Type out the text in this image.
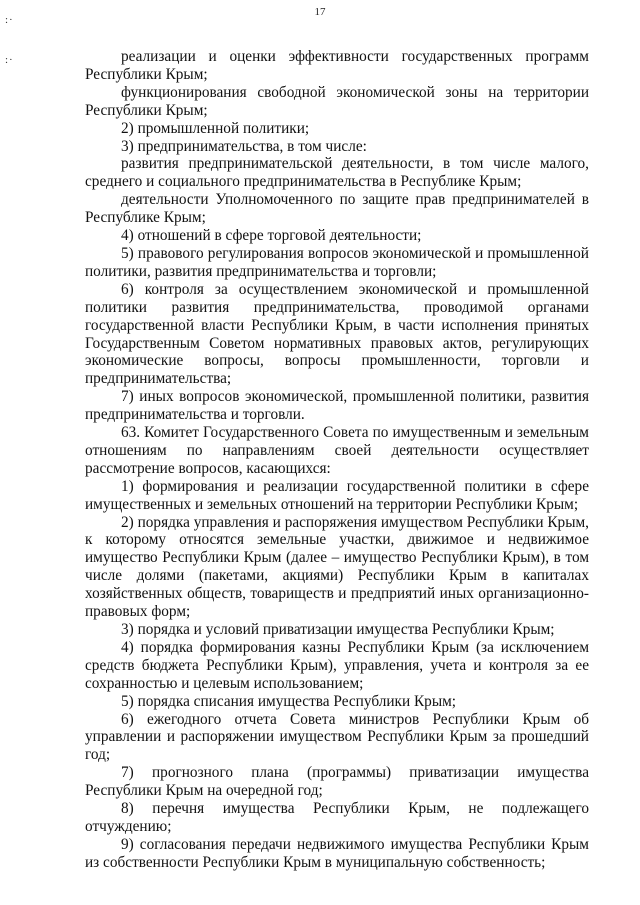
17
:·
:·	реализации и оценки эффективности государственных программ Республики Крым;

функционирования свободной экономической зоны на территории Республики Крым;

2) промышленной политики;

3) предпринимательства, в том числе:

развития предпринимательской деятельности, в том числе малого, среднего и социального предпринимательства в Республике Крым;

деятельности Уполномоченного по защите прав предпринимателей в Республике Крым;

4) отношений в сфере торговой деятельности;

5) правового регулирования вопросов экономической и промышленной политики, развития предпринимательства и торговли;

6) контроля за осуществлением экономической и промышленной политики развития предпринимательства, проводимой органами государственной власти Республики Крым, в части исполнения принятых Государственным Советом нормативных правовых актов, регулирующих экономические вопросы, вопросы промышленности, торговли и предпринимательства;

7) иных вопросов экономической, промышленной политики, развития предпринимательства и торговли.

63. Комитет Государственного Совета по имущественным и земельным отношениям по направлениям своей деятельности осуществляет рассмотрение вопросов, касающихся:

1) формирования и реализации государственной политики в сфере имущественных и земельных отношений на территории Республики Крым;

2) порядка управления и распоряжения имуществом Республики Крым, к которому относятся земельные участки, движимое и недвижимое имущество Республики Крым (далее – имущество Республики Крым), в том числе долями (пакетами, акциями) Республики Крым в капиталах хозяйственных обществ, товариществ и предприятий иных организационно-правовых форм;

3) порядка и условий приватизации имущества Республики Крым;

4) порядка формирования казны Республики Крым (за исключением средств бюджета Республики Крым), управления, учета и контроля за ее сохранностью и целевым использованием;

5) порядка списания имущества Республики Крым;

6) ежегодного отчета Совета министров Республики Крым об управлении и распоряжении имуществом Республики Крым за прошедший год;

7) прогнозного плана (программы) приватизации имущества Республики Крым на очередной год;

8) перечня имущества Республики Крым, не подлежащего отчуждению;

9) согласования передачи недвижимого имущества Республики Крым из собственности Республики Крым в муниципальную собственность;
